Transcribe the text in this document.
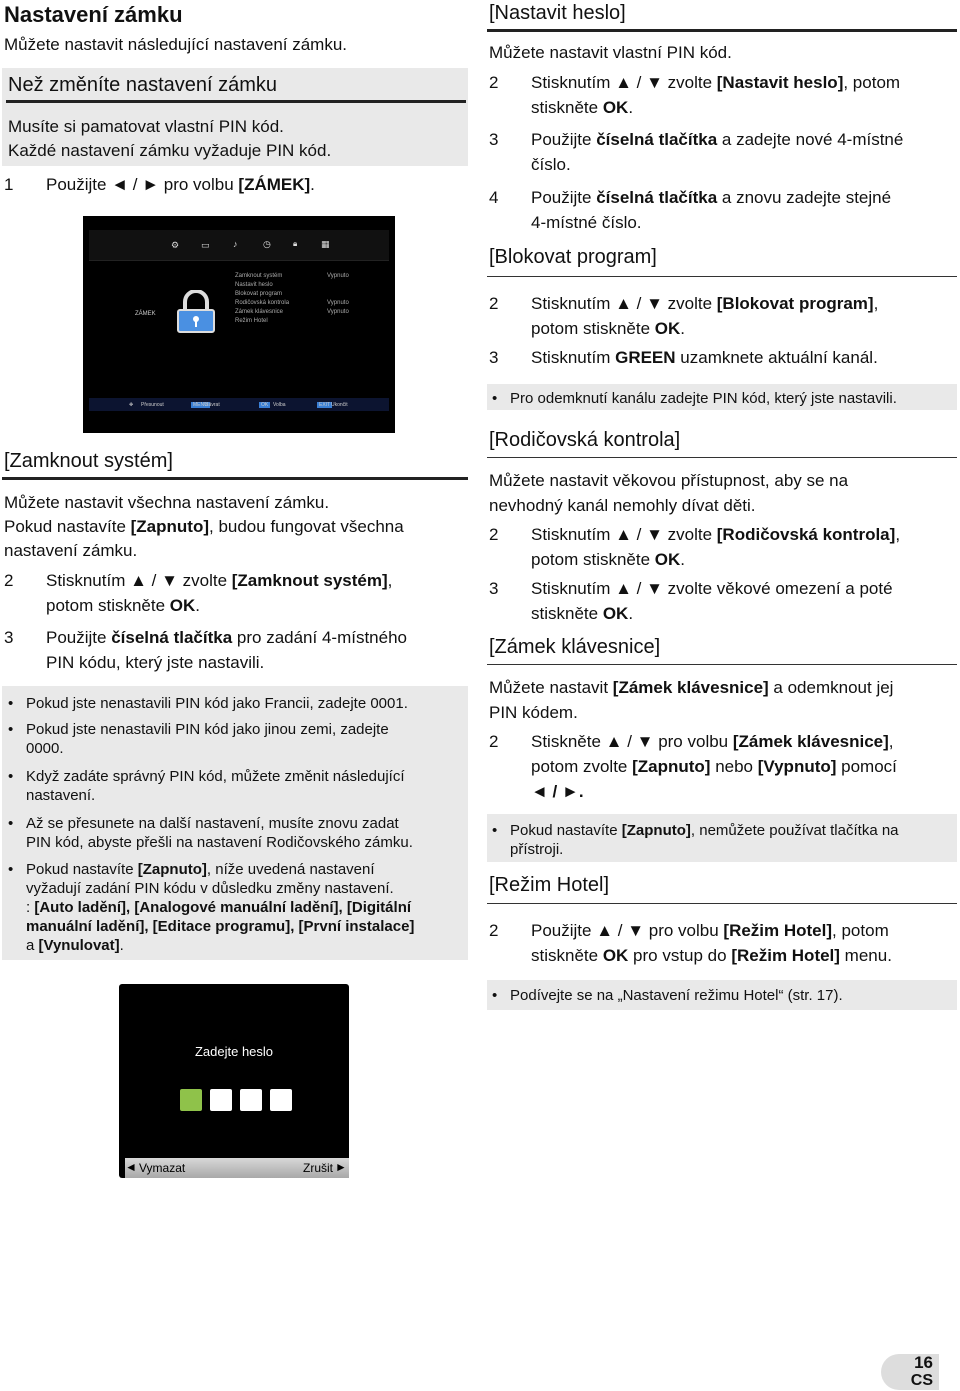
Nastavení zámku
Můžete nastavit následující nastavení zámku.
Než změníte nastavení zámku
Musíte si pamatovat vlastní PIN kód.
Každé nastavení zámku vyžaduje PIN kód.
1 Použijte ◄ / ► pro volbu [ZÁMEK].
⚙ ▭	♪	◷	🔒︎	▦
ZÁMEK
Zamknout systém
Nastavit heslo
Blokovat program
Rodičovská kontrola
Zámek klávesnice
Režim Hotel
Vypnuto
Vypnuto
Vypnuto
✥ Přesunout	MENU
Návrat	OK Volba	EXIT Ukončit
[Zamknout systém]
Můžete nastavit všechna nastavení zámku.
Pokud nastavíte [Zapnuto], budou fungovat všechna
nastavení zámku.
2 Stisknutím ▲ / ▼ zvolte [Zamknout systém],
potom stiskněte OK.
3 Použijte číselná tlačítka pro zadání 4-místného
PIN kódu, který jste nastavili.
• Pokud jste nenastavili PIN kód jako Francii, zadejte 0001.
• Pokud jste nenastavili PIN kód jako jinou zemi, zadejte
0000.
• Když zadáte správný PIN kód, můžete změnit následující
nastavení.
• Až se přesunete na další nastavení, musíte znovu zadat
PIN kód, abyste přešli na nastavení Rodičovského zámku.
• Pokud nastavíte [Zapnuto], níže uvedená nastavení
vyžadují zadání PIN kódu v důsledku změny nastavení.
: [Auto ladění], [Analogové manuální ladění], [Digitální
manuální ladění], [Editace programu], [První instalace]
a [Vynulovat].
Zadejte heslo
◄ Vymazat	Zrušit ►
[Nastavit heslo]
Můžete nastavit vlastní PIN kód.
2 Stisknutím ▲ / ▼ zvolte [Nastavit heslo], potom
stiskněte OK.
3 Použijte číselná tlačítka a zadejte nové 4-místné
číslo.
4 Použijte číselná tlačítka a znovu zadejte stejné
4-místné číslo.
[Blokovat program]
2 Stisknutím ▲ / ▼ zvolte [Blokovat program],
potom stiskněte OK.
3 Stisknutím GREEN uzamknete aktuální kanál.
• Pro odemknutí kanálu zadejte PIN kód, který jste nastavili.
[Rodičovská kontrola]
Můžete nastavit věkovou přístupnost, aby se na
nevhodný kanál nemohly dívat děti.
2 Stisknutím ▲ / ▼ zvolte [Rodičovská kontrola],
potom stiskněte OK.
3 Stisknutím ▲ / ▼ zvolte věkové omezení a poté
stiskněte OK.
[Zámek klávesnice]
Můžete nastavit [Zámek klávesnice] a odemknout jej
PIN kódem.
2 Stiskněte ▲ / ▼ pro volbu [Zámek klávesnice],
potom zvolte [Zapnuto] nebo [Vypnuto] pomocí
◄ / ►.
• Pokud nastavíte [Zapnuto], nemůžete používat tlačítka na
přístroji.
[Režim Hotel]
2 Použijte ▲ / ▼ pro volbu [Režim Hotel], potom
stiskněte OK pro vstup do [Režim Hotel] menu.
• Podívejte se na „Nastavení režimu Hotel“ (str. 17).
16
CS
